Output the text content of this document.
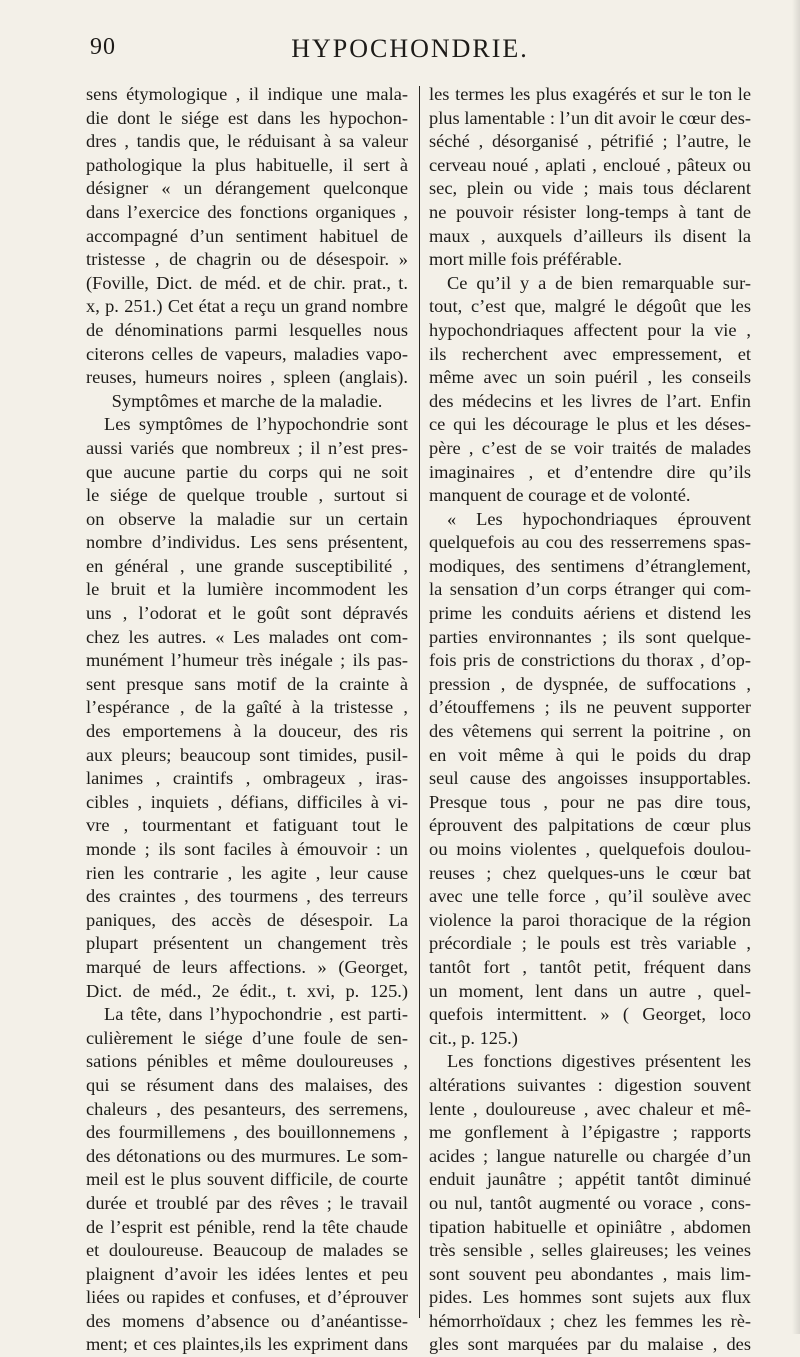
90	HYPOCHONDRIE.
sens étymologique , il indique une mala-
die dont le siége est dans les hypochon-
dres , tandis que, le réduisant à sa valeur
pathologique la plus habituelle, il sert à
désigner « un dérangement quelconque
dans l’exercice des fonctions organiques ,
accompagné d’un sentiment habituel de
tristesse , de chagrin ou de désespoir. »
(Foville, Dict. de méd. et de chir. prat., t.
x, p. 251.) Cet état a reçu un grand nombre
de dénominations parmi lesquelles nous
citerons celles de vapeurs, maladies vapo-
reuses, humeurs noires , spleen (anglais).
Symptômes et marche de la maladie.
Les symptômes de l’hypochondrie sont
aussi variés que nombreux ; il n’est pres-
que aucune partie du corps qui ne soit
le siége de quelque trouble , surtout si
on observe la maladie sur un certain
nombre d’individus. Les sens présentent,
en général , une grande susceptibilité ,
le bruit et la lumière incommodent les
uns , l’odorat et le goût sont dépravés
chez les autres. « Les malades ont com-
munément l’humeur très inégale ; ils pas-
sent presque sans motif de la crainte à
l’espérance , de la gaîté à la tristesse ,
des emportemens à la douceur, des ris
aux pleurs; beaucoup sont timides, pusil-
lanimes , craintifs , ombrageux , iras-
cibles , inquiets , défians, difficiles à vi-
vre , tourmentant et fatiguant tout le
monde ; ils sont faciles à émouvoir : un
rien les contrarie , les agite , leur cause
des craintes , des tourmens , des terreurs
paniques, des accès de désespoir. La
plupart présentent un changement très
marqué de leurs affections. » (Georget,
Dict. de méd., 2e édit., t. xvi, p. 125.)
La tête, dans l’hypochondrie , est parti-
culièrement le siége d’une foule de sen-
sations pénibles et même douloureuses ,
qui se résument dans des malaises, des
chaleurs , des pesanteurs, des serremens,
des fourmillemens , des bouillonnemens ,
des détonations ou des murmures. Le som-
meil est le plus souvent difficile, de courte
durée et troublé par des rêves ; le travail
de l’esprit est pénible, rend la tête chaude
et douloureuse. Beaucoup de malades se
plaignent d’avoir les idées lentes et peu
liées ou rapides et confuses, et d’éprouver
des momens d’absence ou d’anéantisse-
ment; et ces plaintes,ils les expriment dans
les termes les plus exagérés et sur le ton le
plus lamentable : l’un dit avoir le cœur des-
séché , désorganisé , pétrifié ; l’autre, le
cerveau noué , aplati , encloué , pâteux ou
sec, plein ou vide ; mais tous déclarent
ne pouvoir résister long-temps à tant de
maux , auxquels d’ailleurs ils disent la
mort mille fois préférable.
Ce qu’il y a de bien remarquable sur-
tout, c’est que, malgré le dégoût que les
hypochondriaques affectent pour la vie ,
ils recherchent avec empressement, et
même avec un soin puéril , les conseils
des médecins et les livres de l’art. Enfin
ce qui les décourage le plus et les déses-
père , c’est de se voir traités de malades
imaginaires , et d’entendre dire qu’ils
manquent de courage et de volonté.
« Les hypochondriaques éprouvent
quelquefois au cou des resserremens spas-
modiques, des sentimens d’étranglement,
la sensation d’un corps étranger qui com-
prime les conduits aériens et distend les
parties environnantes ; ils sont quelque-
fois pris de constrictions du thorax , d’op-
pression , de dyspnée, de suffocations ,
d’étouffemens ; ils ne peuvent supporter
des vêtemens qui serrent la poitrine , on
en voit même à qui le poids du drap
seul cause des angoisses insupportables.
Presque tous , pour ne pas dire tous,
éprouvent des palpitations de cœur plus
ou moins violentes , quelquefois doulou-
reuses ; chez quelques-uns le cœur bat
avec une telle force , qu’il soulève avec
violence la paroi thoracique de la région
précordiale ; le pouls est très variable ,
tantôt fort , tantôt petit, fréquent dans
un moment, lent dans un autre , quel-
quefois intermittent. » ( Georget, loco
cit., p. 125.)
Les fonctions digestives présentent les
altérations suivantes : digestion souvent
lente , douloureuse , avec chaleur et mê-
me gonflement à l’épigastre ; rapports
acides ; langue naturelle ou chargée d’un
enduit jaunâtre ; appétit tantôt diminué
ou nul, tantôt augmenté ou vorace , cons-
tipation habituelle et opiniâtre , abdomen
très sensible , selles glaireuses; les veines
sont souvent peu abondantes , mais lim-
pides. Les hommes sont sujets aux flux
hémorrhoïdaux ; chez les femmes les rè-
gles sont marquées par du malaise , des
